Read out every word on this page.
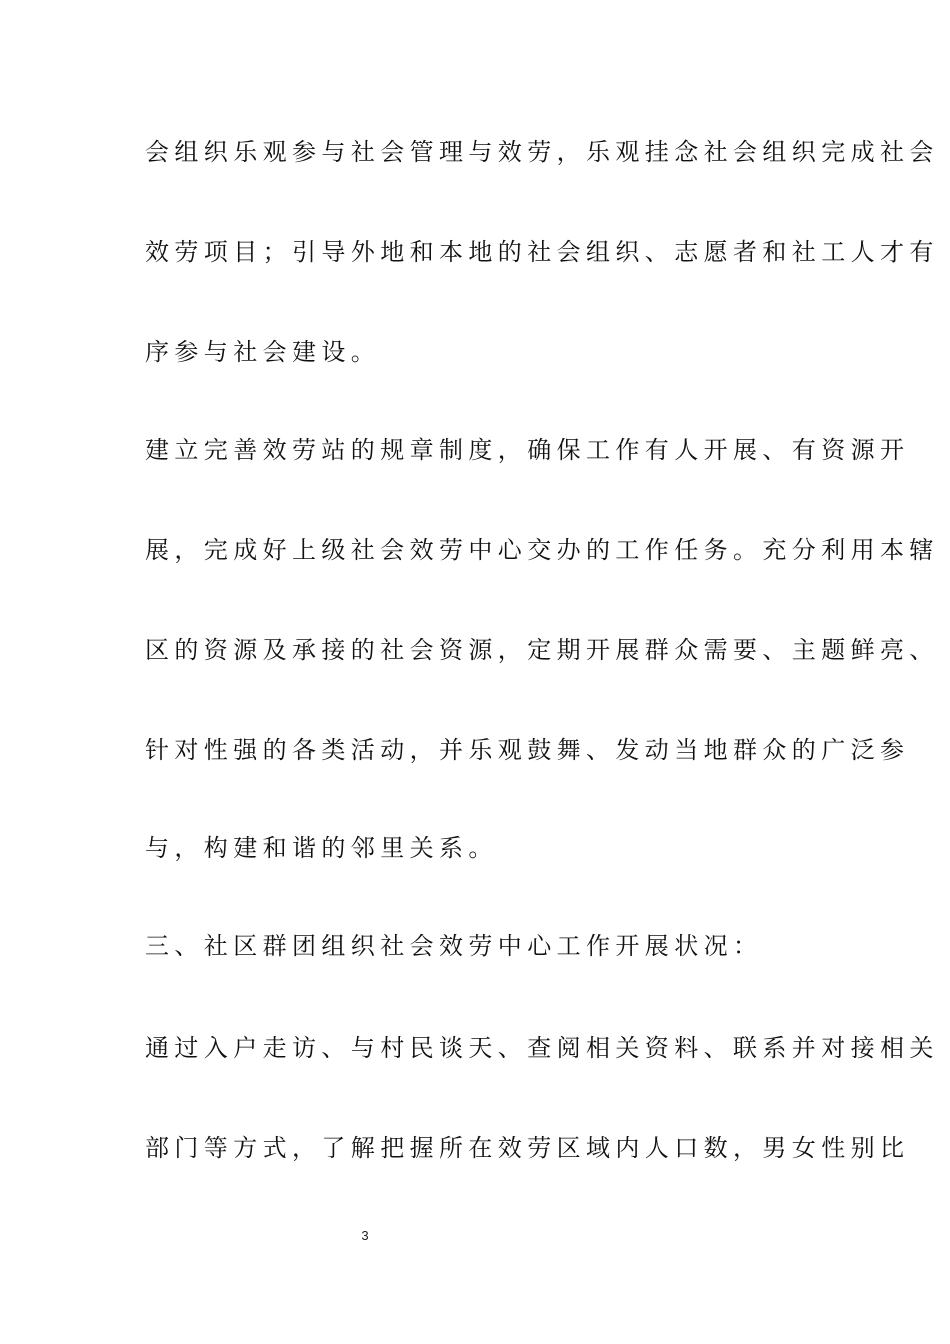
会组织乐观参与社会管理与效劳，乐观挂念社会组织完成社会
效劳项目；引导外地和本地的社会组织、志愿者和社工人才有
序参与社会建设。
建立完善效劳站的规章制度，确保工作有人开展、有资源开
展，完成好上级社会效劳中心交办的工作任务。充分利用本辖
区的资源及承接的社会资源，定期开展群众需要、主题鲜亮、
针对性强的各类活动，并乐观鼓舞、发动当地群众的广泛参
与，构建和谐的邻里关系。
三、社区群团组织社会效劳中心工作开展状况：
通过入户走访、与村民谈天、查阅相关资料、联系并对接相关
部门等方式，了解把握所在效劳区域内人口数，男女性别比
3
